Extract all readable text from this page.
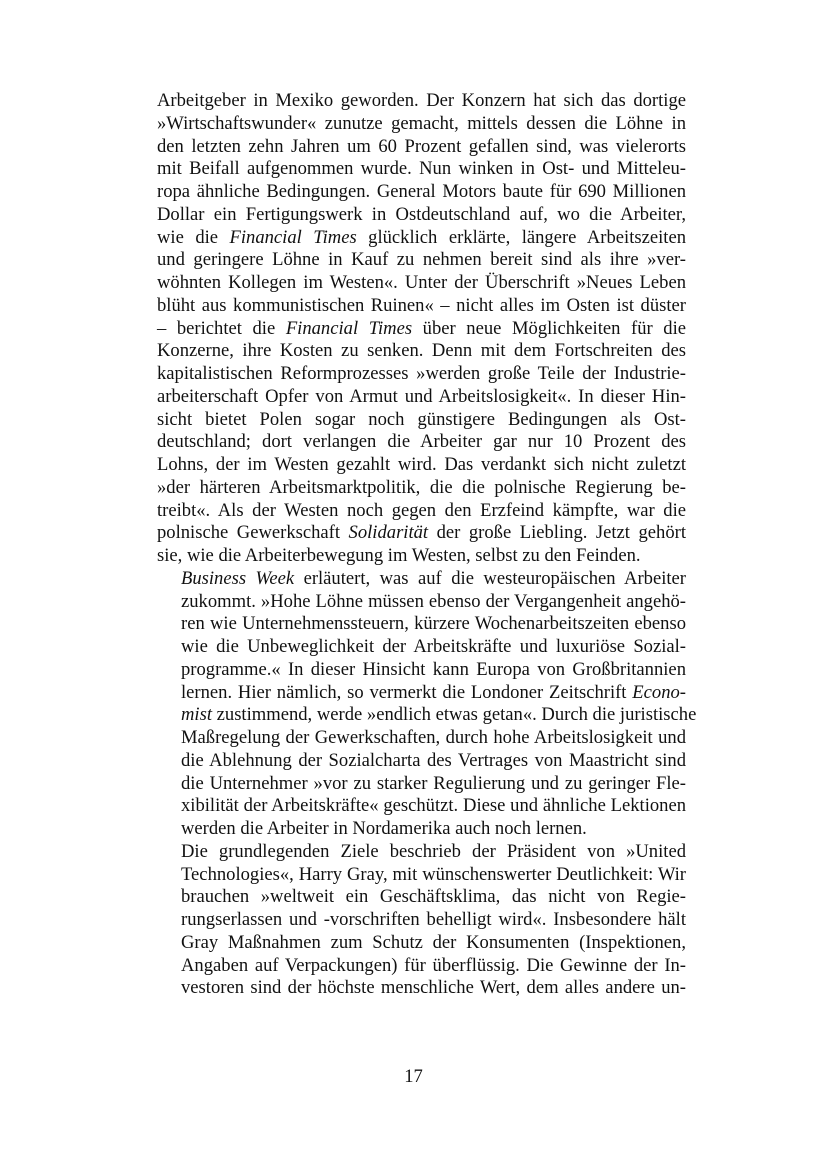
Arbeitgeber in Mexiko geworden. Der Konzern hat sich das dortige
»Wirtschaftswunder« zunutze gemacht, mittels dessen die Löhne in
den letzten zehn Jahren um 60 Prozent gefallen sind, was vielerorts
mit Beifall aufgenommen wurde. Nun winken in Ost- und Mitteleu-
ropa ähnliche Bedingungen. General Motors baute für 690 Millionen
Dollar ein Fertigungswerk in Ostdeutschland auf, wo die Arbeiter,
wie die Financial Times glücklich erklärte, längere Arbeitszeiten
und geringere Löhne in Kauf zu nehmen bereit sind als ihre »ver-
wöhnten Kollegen im Westen«. Unter der Überschrift »Neues Leben
blüht aus kommunistischen Ruinen« – nicht alles im Osten ist düster
– berichtet die Financial Times über neue Möglichkeiten für die
Konzerne, ihre Kosten zu senken. Denn mit dem Fortschreiten des
kapitalistischen Reformprozesses »werden große Teile der Industrie-
arbeiterschaft Opfer von Armut und Arbeitslosigkeit«. In dieser Hin-
sicht bietet Polen sogar noch günstigere Bedingungen als Ost-
deutschland; dort verlangen die Arbeiter gar nur 10 Prozent des
Lohns, der im Westen gezahlt wird. Das verdankt sich nicht zuletzt
»der härteren Arbeitsmarktpolitik, die die polnische Regierung be-
treibt«. Als der Westen noch gegen den Erzfeind kämpfte, war die
polnische Gewerkschaft Solidarität der große Liebling. Jetzt gehört
sie, wie die Arbeiterbewegung im Westen, selbst zu den Feinden.
Business Week erläutert, was auf die westeuropäischen Arbeiter
zukommt. »Hohe Löhne müssen ebenso der Vergangenheit angehö-
ren wie Unternehmenssteuern, kürzere Wochenarbeitszeiten ebenso
wie die Unbeweglichkeit der Arbeitskräfte und luxuriöse Sozial-
programme.« In dieser Hinsicht kann Europa von Großbritannien
lernen. Hier nämlich, so vermerkt die Londoner Zeitschrift Econo-
mist zustimmend, werde »endlich etwas getan«. Durch die juristische
Maßregelung der Gewerkschaften, durch hohe Arbeitslosigkeit und
die Ablehnung der Sozialcharta des Vertrages von Maastricht sind
die Unternehmer »vor zu starker Regulierung und zu geringer Fle-
xibilität der Arbeitskräfte« geschützt. Diese und ähnliche Lektionen
werden die Arbeiter in Nordamerika auch noch lernen.
Die grundlegenden Ziele beschrieb der Präsident von »United
Technologies«, Harry Gray, mit wünschenswerter Deutlichkeit: Wir
brauchen »weltweit ein Geschäftsklima, das nicht von Regie-
rungserlassen und -vorschriften behelligt wird«. Insbesondere hält
Gray Maßnahmen zum Schutz der Konsumenten (Inspektionen,
Angaben auf Verpackungen) für überflüssig. Die Gewinne der In-
vestoren sind der höchste menschliche Wert, dem alles andere un-
17
